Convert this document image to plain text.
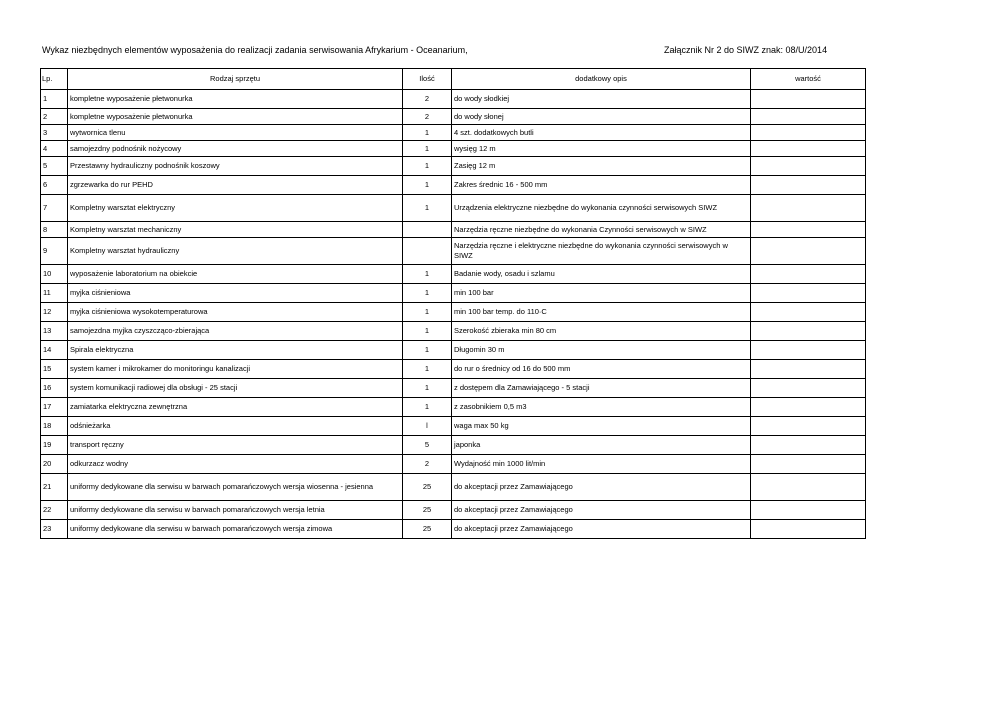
Wykaz niezbędnych elementów wyposażenia do realizacji zadania serwisowania Afrykarium - Oceanarium,	Załącznik Nr 2 do SIWZ znak: 08/U/2014
Lp.	Rodzaj sprzętu	Ilość	dodatkowy opis	wartość
1	kompletne wyposażenie płetwonurka	2	do wody słodkiej	
2	kompletne wyposażenie płetwonurka	2	do wody słonej	
3	wytwornica tlenu	1	4 szt. dodatkowych butli	
4	samojezdny podnośnik nożycowy	1	wysięg 12 m	
5	Przestawny hydrauliczny podnośnik koszowy	1	Zasięg 12 m	
6	zgrzewarka do rur PEHD	1	Zakres średnic 16 - 500 mm	
7	Kompletny warsztat elektryczny	1	Urządzenia elektryczne niezbędne do wykonania czynności serwisowych SIWZ	
8	Kompletny warsztat mechaniczny		Narzędzia ręczne niezbędne do wykonania Czynności serwisowych w SIWZ	
9	Kompletny warsztat hydrauliczny		Narzędzia ręczne i elektryczne niezbędne do wykonania czynności serwisowych w SIWZ	
10	wyposażenie laboratorium na obiekcie	1	Badanie wody, osadu i szlamu	
11	myjka ciśnieniowa	1	min 100 bar	
12	myjka ciśnieniowa wysokotemperaturowa	1	min 100 bar temp. do 110·C	
13	samojezdna myjka czyszcząco-zbierająca	1	Szerokość zbieraka min 80 cm	
14	Spirala elektryczna	1	Długomin 30 m	
15	system kamer i mikrokamer do monitoringu kanalizacji	1	do rur o średnicy od 16 do 500 mm	
16	system komunikacji radiowej dla obsługi - 25 stacji	1	z dostępem dla Zamawiającego - 5 stacji	
17	zamiatarka elektryczna zewnętrzna	1	z zasobnikiem 0,5 m3	
18	odśnieżarka	l	waga max 50 kg	
19	transport ręczny	5	japonka	
20	odkurzacz wodny	2	Wydajność min 1000 lit/min	
21	uniformy dedykowane dla serwisu w barwach pomarańczowych wersja wiosenna - jesienna	25	do akceptacji przez Zamawiającego	
22	uniformy dedykowane dla serwisu w barwach pomarańczowych wersja letnia	25	do akceptacji przez Zamawiającego	
23	uniformy dedykowane dla serwisu w barwach pomarańczowych wersja zimowa	25	do akceptacji przez Zamawiającego	
